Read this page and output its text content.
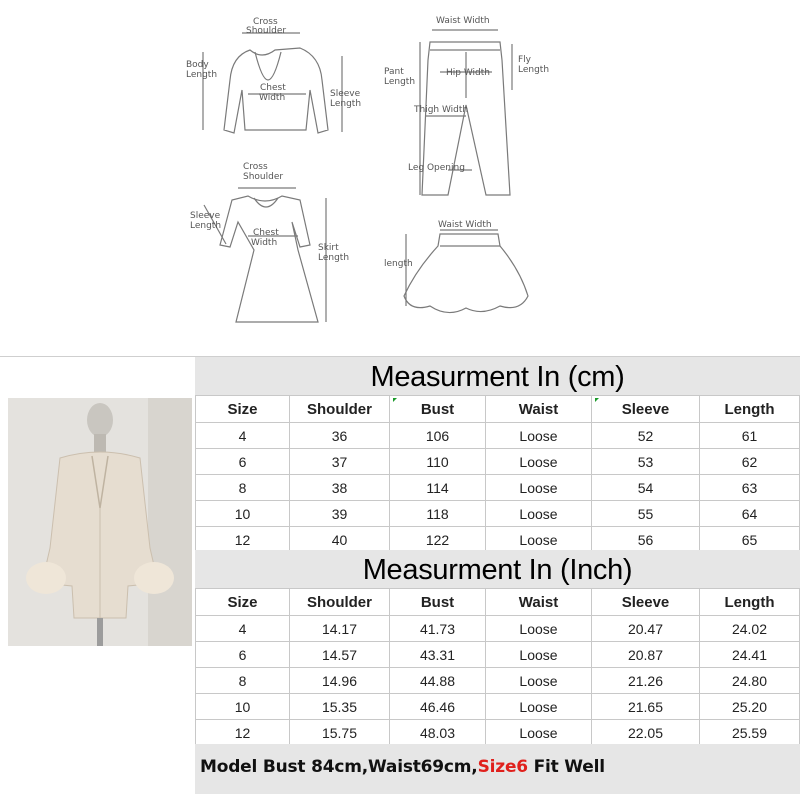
Cross
Shoulder
Body
Length
Chest
Width	Sleeve
Length
Waist Width
Pant
Length
Hip Width
Fly
Length
Thigh Width
Leg Opening
Cross
Shoulder
Sleeve
Length
Chest
Width	Skirt
Length
Waist Width
length
Measurment In (cm)
Size	Shoulder	Bust	Waist	Sleeve	Length
4	36	106	Loose	52	61
6	37	110	Loose	53	62
8	38	114	Loose	54	63
10	39	118	Loose	55	64
12	40	122	Loose	56	65
Measurment In (Inch)
Size	Shoulder	Bust	Waist	Sleeve	Length
4	14.17	41.73	Loose	20.47	24.02
6	14.57	43.31	Loose	20.87	24.41
8	14.96	44.88	Loose	21.26	24.80
10	15.35	46.46	Loose	21.65	25.20
12	15.75	48.03	Loose	22.05	25.59
Model Bust 84cm,Waist69cm,Size6 Fit Well
